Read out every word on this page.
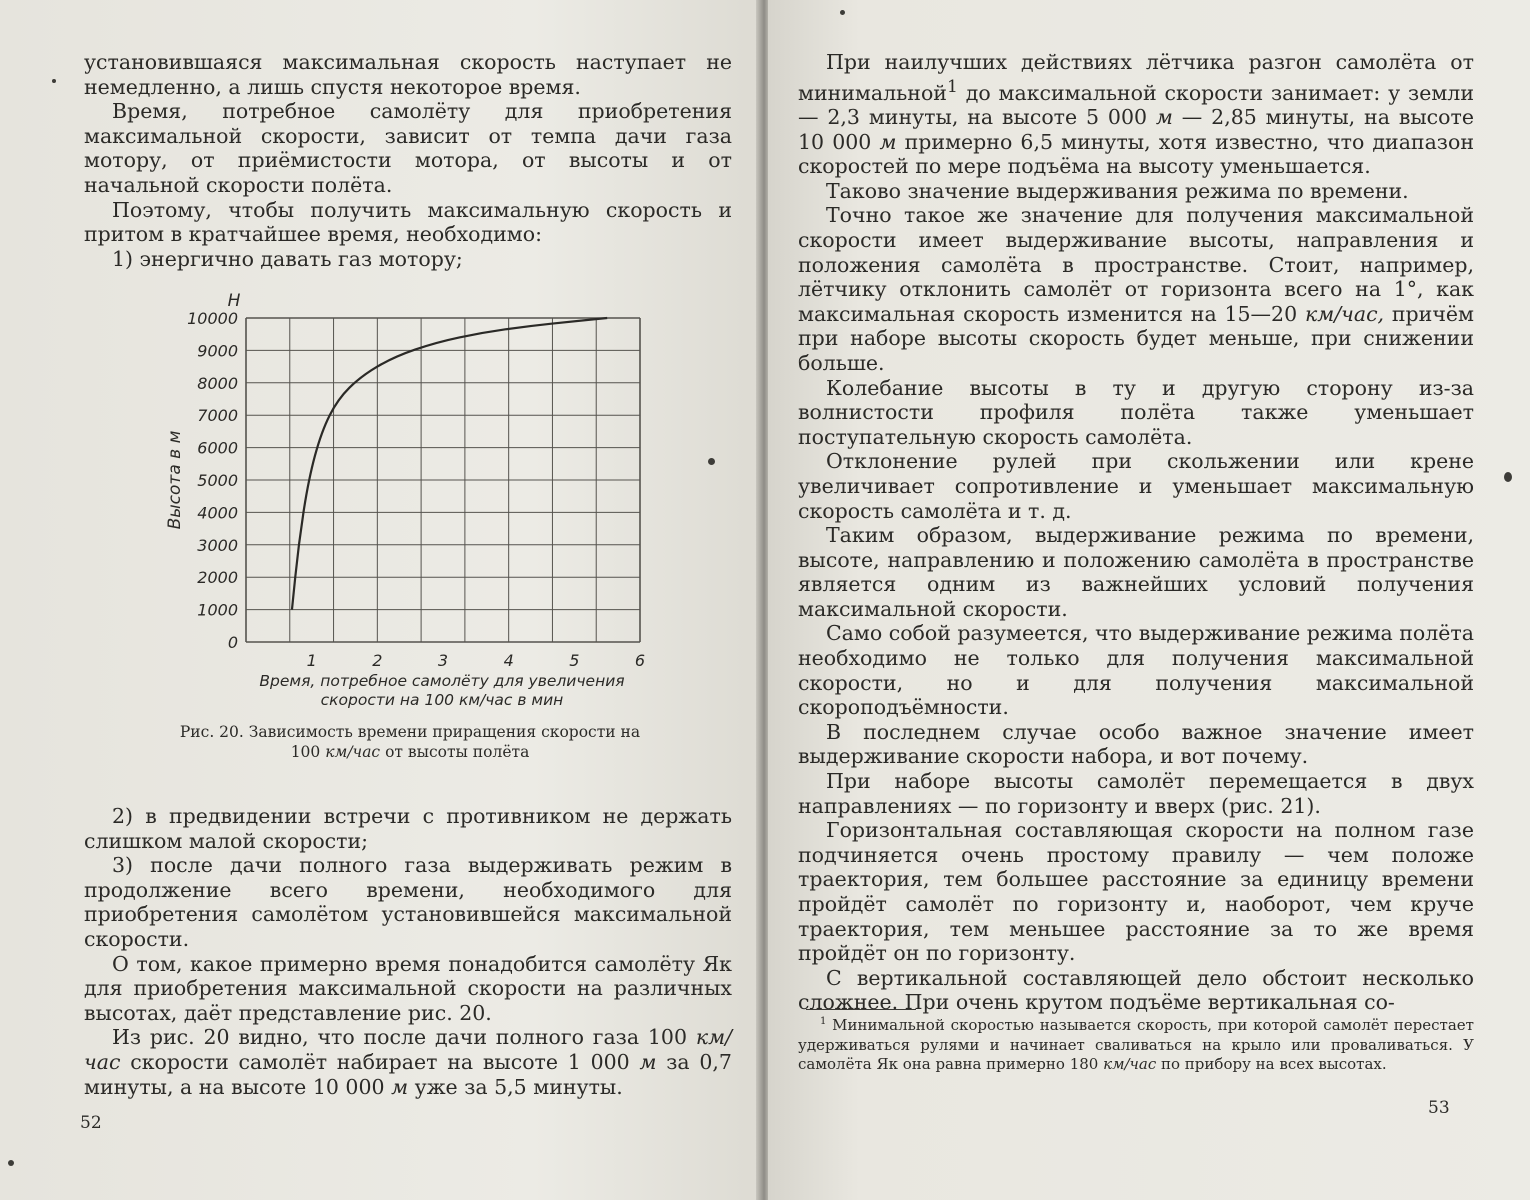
установившаяся максимальная скорость наступает не немедленно, а лишь спустя некоторое время.

Время, потребное самолёту для приобретения максимальной скорости, зависит от темпа дачи газа мотору, от приёмистости мотора, от высоты и от начальной скорости полёта.

Поэтому, чтобы получить максимальную скорость и притом в кратчайшее время, необходимо:

1) энергично давать газ мотору;

0
1000
2000
3000
4000
5000
6000
7000
8000
9000
10000
1	2	3	4	5	6
H
Высота в м
Время, потребное самолёту для увеличения
скорости на 100 км/час в мин
Рис. 20. Зависимость времени приращения скорости на 100 км/час от высоты полёта

2) в предвидении встречи с противником не держать слишком малой скорости;

3) после дачи полного газа выдерживать режим в продолжение всего времени, необходимого для приобретения самолётом установившейся максимальной скорости.

О том, какое примерно время понадобится самолёту Як для приобретения максимальной скорости на различных высотах, даёт представление рис. 20.

Из рис. 20 видно, что после дачи полного газа 100 км/час скорости самолёт набирает на высоте 1 000 м за 0,7 минуты, а на высоте 10 000 м уже за 5,5 минуты.

52

При наилучших действиях лётчика разгон самолёта от минимальной$^1$ до максимальной скорости занимает: у земли — 2,3 минуты, на высоте 5 000 м — 2,85 минуты, на высоте 10 000 м примерно 6,5 минуты, хотя известно, что диапазон скоростей по мере подъёма на высоту уменьшается.

Таково значение выдерживания режима по времени.

Точно такое же значение для получения максимальной скорости имеет выдерживание высоты, направления и положения самолёта в пространстве. Стоит, например, лётчику отклонить самолёт от горизонта всего на 1°, как максимальная скорость изменится на 15—20 км/час, причём при наборе высоты скорость будет меньше, при снижении больше.

Колебание высоты в ту и другую сторону из-за волнистости профиля полёта также уменьшает поступательную скорость самолёта.

Отклонение рулей при скольжении или крене увеличивает сопротивление и уменьшает максимальную скорость самолёта и т. д.

Таким образом, выдерживание режима по времени, высоте, направлению и положению самолёта в пространстве является одним из важнейших условий получения максимальной скорости.

Само собой разумеется, что выдерживание режима полёта необходимо не только для получения максимальной скорости, но и для получения максимальной скороподъёмности.

В последнем случае особо важное значение имеет выдерживание скорости набора, и вот почему.

При наборе высоты самолёт перемещается в двух направлениях — по горизонту и вверх (рис. 21).

Горизонтальная составляющая скорости на полном газе подчиняется очень простому правилу — чем положе траектория, тем большее расстояние за единицу времени пройдёт самолёт по горизонту и, наоборот, чем круче траектория, тем меньшее расстояние за то же время пройдёт он по горизонту.

С вертикальной составляющей дело обстоит несколько сложнее. При очень крутом подъёме вертикальная со-

$^1$ Минимальной скоростью называется скорость, при которой самолёт перестает удерживаться рулями и начинает сваливаться на крыло или проваливаться. У самолёта Як она равна примерно 180 км/час по прибору на всех высотах.

53
